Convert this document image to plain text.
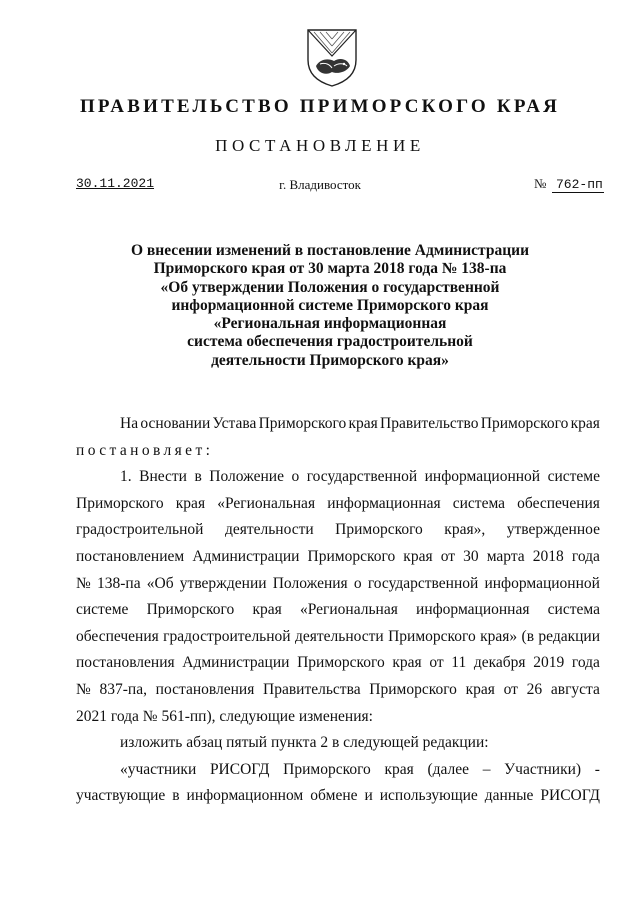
ПРАВИТЕЛЬСТВО ПРИМОРСКОГО КРАЯ
ПОСТАНОВЛЕНИЕ
30.11.2021	г. Владивосток	№ 762-пп
О внесении изменений в постановление Администрации
Приморского края от 30 марта 2018 года № 138-па
«Об утверждении Положения о государственной
информационной системе Приморского края
«Региональная информационная
система обеспечения градостроительной
деятельности Приморского края»
На основании Устава Приморского края Правительство Приморского края
постановляет:
1. Внести в Положение о государственной информационной системе
Приморского края «Региональная информационная система обеспечения
градостроительной деятельности Приморского края», утвержденное
постановлением Администрации Приморского края от 30 марта 2018 года
№ 138-па «Об утверждении Положения о государственной информационной
системе Приморского края «Региональная информационная система
обеспечения градостроительной деятельности Приморского края» (в редакции
постановления Администрации Приморского края от 11 декабря 2019 года
№ 837-па, постановления Правительства Приморского края от 26 августа
2021 года № 561-пп), следующие изменения:
изложить абзац пятый пункта 2 в следующей редакции:
«участники РИСОГД Приморского края (далее – Участники) -
участвующие в информационном обмене и использующие данные РИСОГД
